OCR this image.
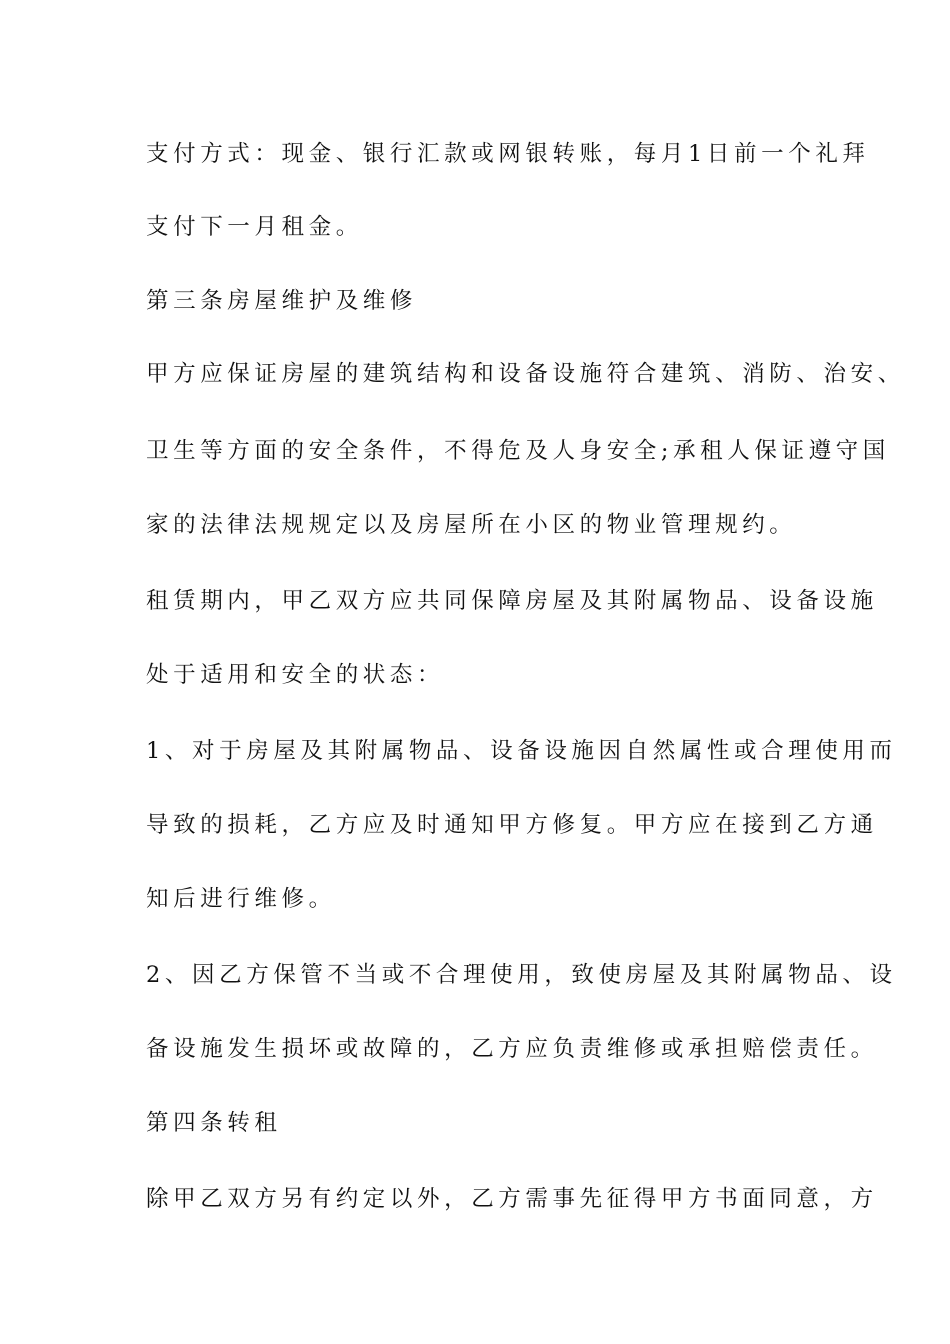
支付方式：现金、银行汇款或网银转账，每月1日前一个礼拜

支付下一月租金。

第三条房屋维护及维修

甲方应保证房屋的建筑结构和设备设施符合建筑、消防、治安、

卫生等方面的安全条件，不得危及人身安全;承租人保证遵守国

家的法律法规规定以及房屋所在小区的物业管理规约。

租赁期内，甲乙双方应共同保障房屋及其附属物品、设备设施

处于适用和安全的状态：

1、对于房屋及其附属物品、设备设施因自然属性或合理使用而

导致的损耗，乙方应及时通知甲方修复。甲方应在接到乙方通

知后进行维修。

2、因乙方保管不当或不合理使用，致使房屋及其附属物品、设

备设施发生损坏或故障的，乙方应负责维修或承担赔偿责任。

第四条转租

除甲乙双方另有约定以外，乙方需事先征得甲方书面同意，方
